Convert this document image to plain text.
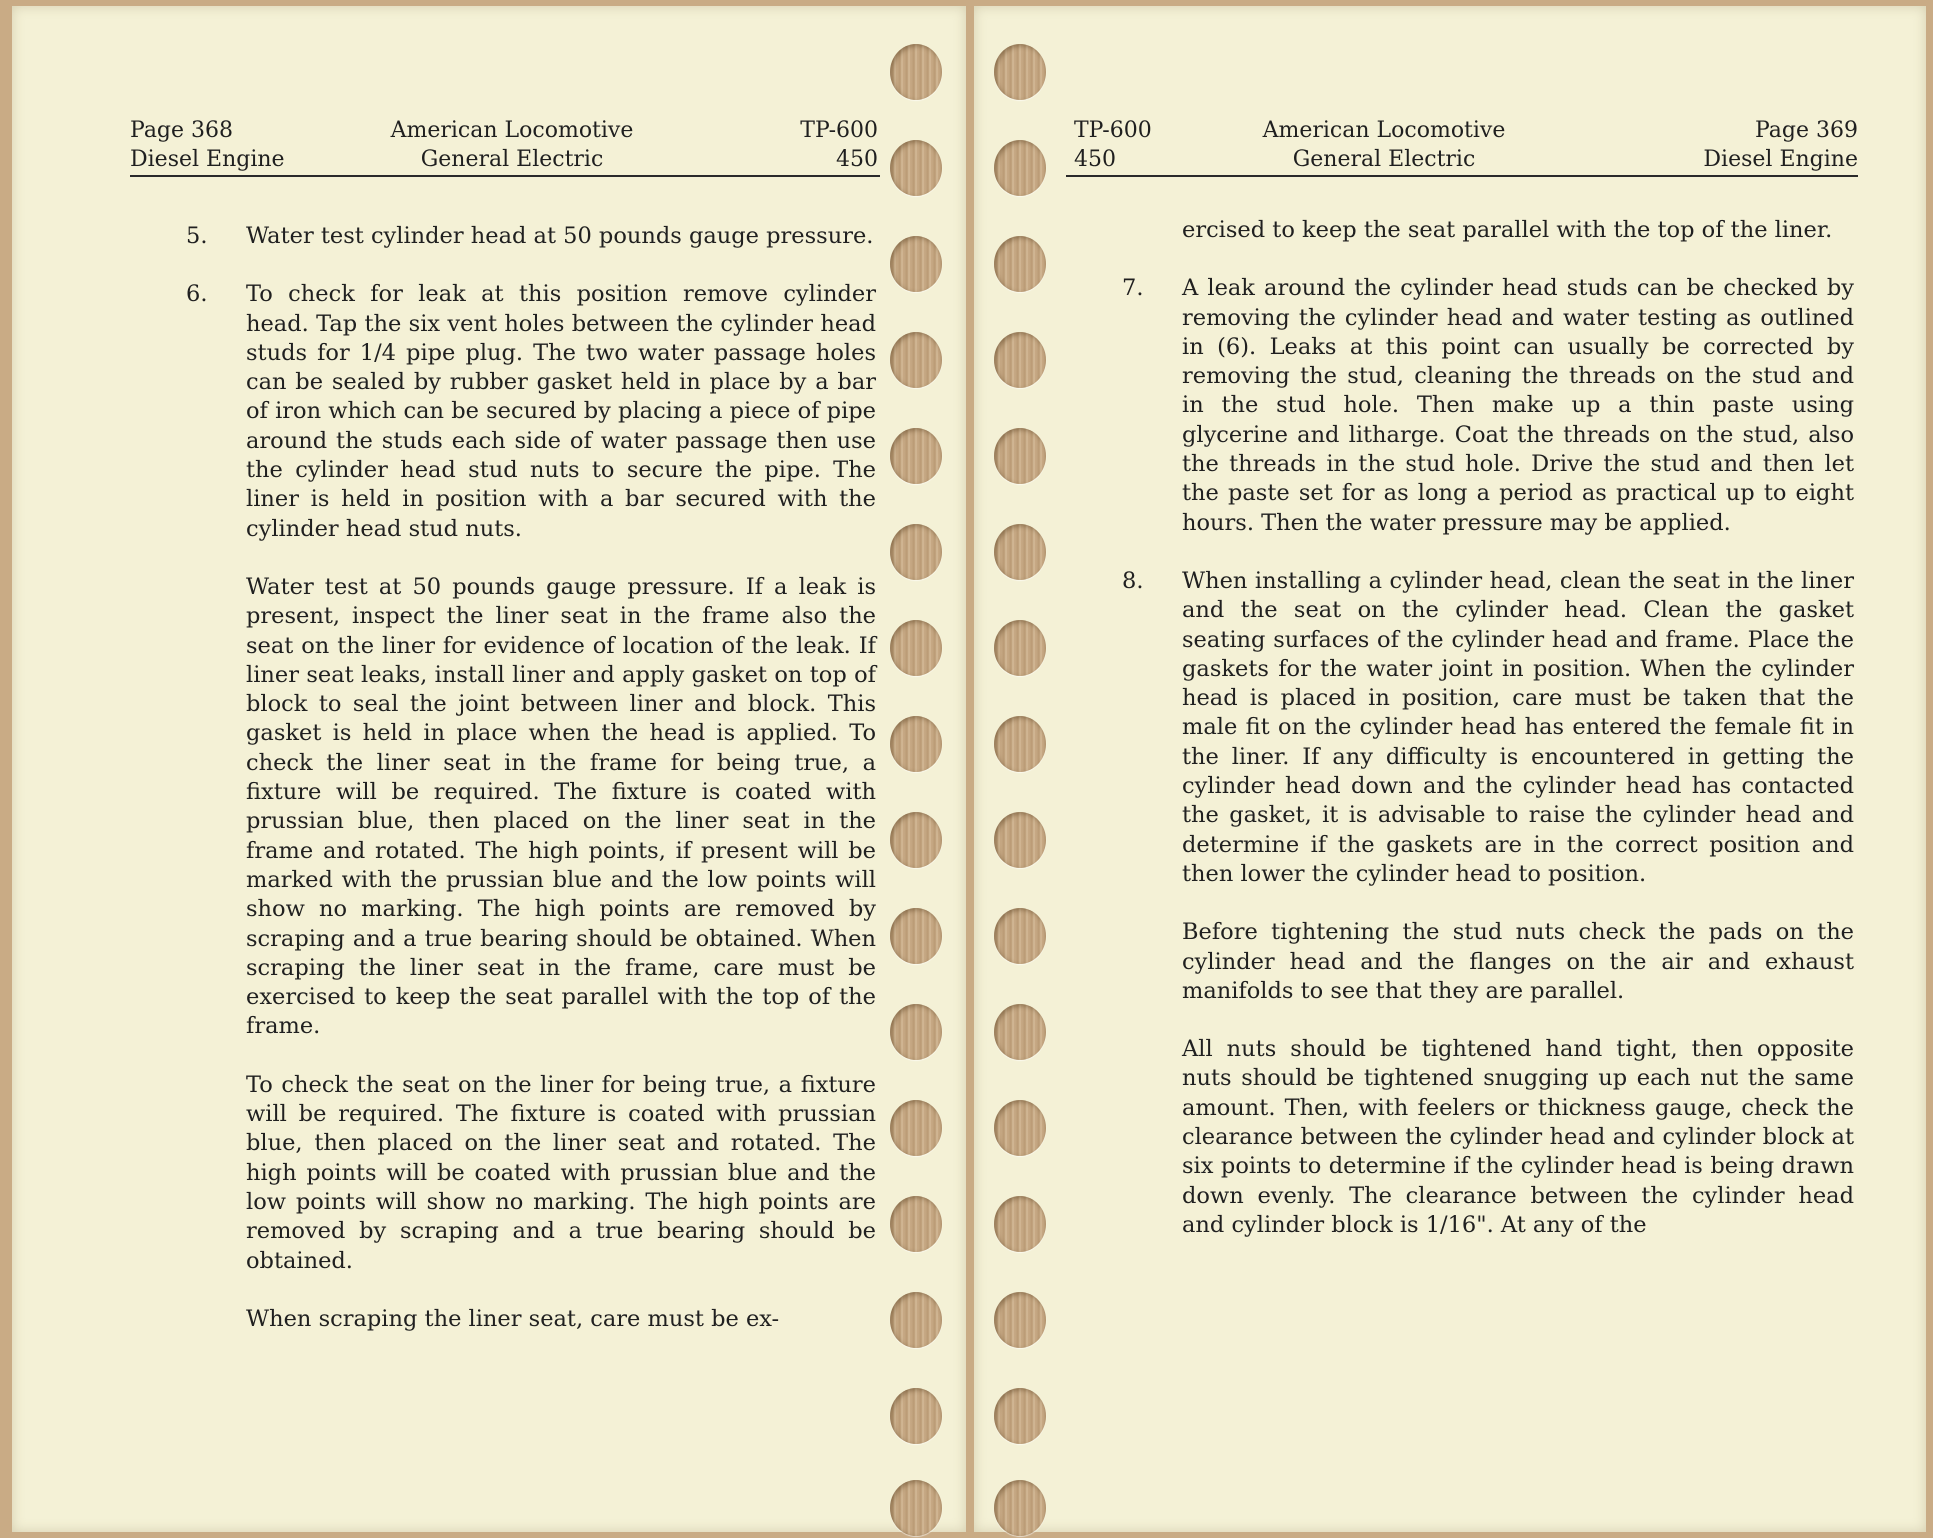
Page 368
Diesel Engine
American Locomotive
General Electric
TP-600
450
5. Water test cylinder head at 50 pounds gauge pressure.
6. To check for leak at this position remove cylinder head. Tap the six vent holes between the cylinder head studs for 1/4 pipe plug. The two water passage holes can be sealed by rubber gasket held in place by a bar of iron which can be secured by placing a piece of pipe around the studs each side of water passage then use the cylinder head stud nuts to secure the pipe. The liner is held in position with a bar secured with the cylinder head stud nuts.

Water test at 50 pounds gauge pressure. If a leak is present, inspect the liner seat in the frame also the seat on the liner for evidence of location of the leak. If liner seat leaks, install liner and apply gasket on top of block to seal the joint between liner and block. This gasket is held in place when the head is applied. To check the liner seat in the frame for being true, a fixture will be required. The fixture is coated with prussian blue, then placed on the liner seat in the frame and rotated. The high points, if present will be marked with the prussian blue and the low points will show no marking. The high points are removed by scraping and a true bearing should be obtained. When scraping the liner seat in the frame, care must be exercised to keep the seat parallel with the top of the frame.

To check the seat on the liner for being true, a fixture will be required. The fixture is coated with prussian blue, then placed on the liner seat and rotated. The high points will be coated with prussian blue and the low points will show no marking. The high points are removed by scraping and a true bearing should be obtained.

When scraping the liner seat, care must be ex-

TP-600
450
American Locomotive
General Electric
Page 369
Diesel Engine

ercised to keep the seat parallel with the top of the liner.

7. A leak around the cylinder head studs can be checked by removing the cylinder head and water testing as outlined in (6). Leaks at this point can usually be corrected by removing the stud, cleaning the threads on the stud and in the stud hole. Then make up a thin paste using glycerine and litharge. Coat the threads on the stud, also the threads in the stud hole. Drive the stud and then let the paste set for as long a period as practical up to eight hours. Then the water pressure may be applied.
8. When installing a cylinder head, clean the seat in the liner and the seat on the cylinder head. Clean the gasket seating surfaces of the cylinder head and frame. Place the gaskets for the water joint in position. When the cylinder head is placed in position, care must be taken that the male fit on the cylinder head has entered the female fit in the liner. If any difficulty is encountered in getting the cylinder head down and the cylinder head has contacted the gasket, it is advisable to raise the cylinder head and determine if the gaskets are in the correct position and then lower the cylinder head to position.

Before tightening the stud nuts check the pads on the cylinder head and the flanges on the air and exhaust manifolds to see that they are parallel.

All nuts should be tightened hand tight, then opposite nuts should be tightened snugging up each nut the same amount. Then, with feelers or thickness gauge, check the clearance between the cylinder head and cylinder block at six points to determine if the cylinder head is being drawn down evenly. The clearance between the cylinder head and cylinder block is 1/16". At any of the
